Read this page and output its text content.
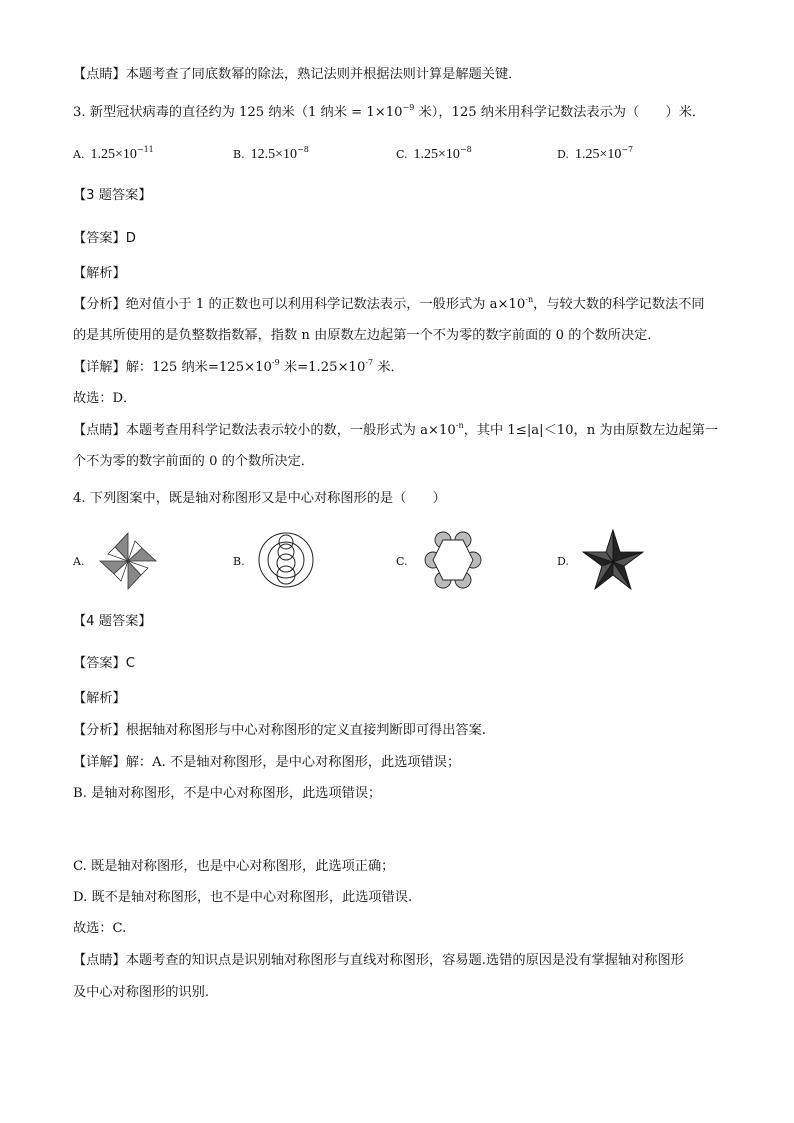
【点睛】本题考查了同底数幂的除法，熟记法则并根据法则计算是解题关键．
3. 新型冠状病毒的直径约为 125 纳米（1 纳米 = $1\times 10^{-9}$ 米），125 纳米用科学记数法表示为（　　）米．
A. $1.25\times 10^{-11}$	B. $12.5\times 10^{-8}$	C. $1.25\times 10^{-8}$	D. $1.25\times 10^{-7}$
【3 题答案】
【答案】D
【解析】
【分析】绝对值小于 1 的正数也可以利用科学记数法表示，一般形式为 $a\times 10^{-n}$，与较大数的科学记数法不同
的是其所使用的是负整数指数幂，指数 n 由原数左边起第一个不为零的数字前面的 0 的个数所决定．
【详解】解：125 纳米$=125\times 10^{-9}$ 米$=1.25\times 10^{-7}$ 米．
故选：D．
【点睛】本题考查用科学记数法表示较小的数，一般形式为 $a\times 10^{-n}$，其中 1≤|a|＜10，n 为由原数左边起第一
个不为零的数字前面的 0 的个数所决定．
4. 下列图案中，既是轴对称图形又是中心对称图形的是（　　）
A.	B.	C.	D.
【4 题答案】
【答案】C
【解析】
【分析】根据轴对称图形与中心对称图形的定义直接判断即可得出答案.
【详解】解：A. 不是轴对称图形，是中心对称图形，此选项错误；
B. 是轴对称图形，不是中心对称图形，此选项错误；
C. 既是轴对称图形，也是中心对称图形，此选项正确；
D. 既不是轴对称图形，也不是中心对称图形，此选项错误.
故选：C.
【点睛】本题考查的知识点是识别轴对称图形与直线对称图形，容易题.选错的原因是没有掌握轴对称图形
及中心对称图形的识别.
